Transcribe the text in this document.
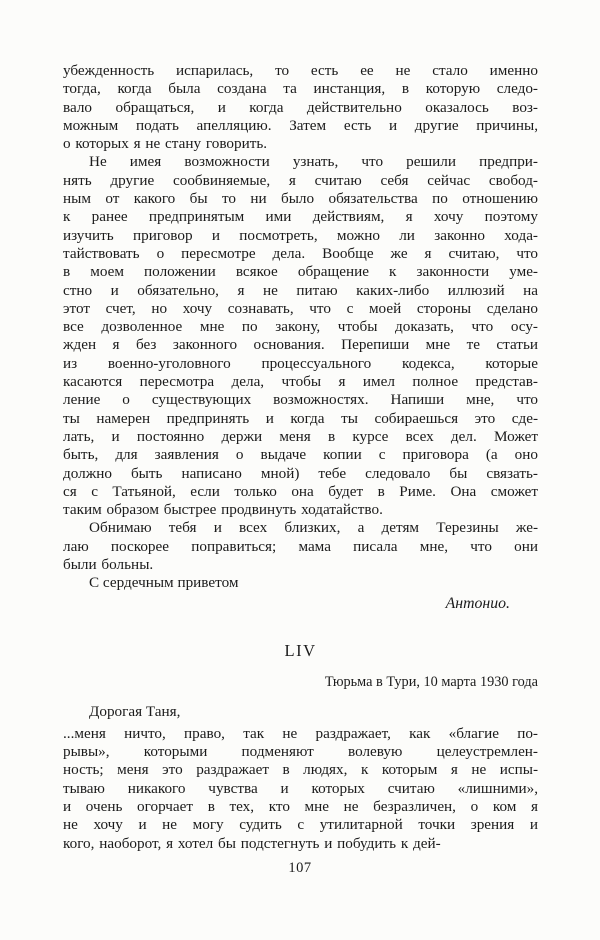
убежденность испарилась, то есть ее не стало именно
тогда, когда была создана та инстанция, в которую следо-
вало обращаться, и когда действительно оказалось воз-
можным подать апелляцию. Затем есть и другие причины,
о которых я не стану говорить.
Не имея возможности узнать, что решили предпри-
нять другие сообвиняемые, я считаю себя сейчас свобод-
ным от какого бы то ни было обязательства по отношению
к ранее предпринятым ими действиям, я хочу поэтому
изучить приговор и посмотреть, можно ли законно хода-
тайствовать о пересмотре дела. Вообще же я считаю, что
в моем положении всякое обращение к законности уме-
стно и обязательно, я не питаю каких-либо иллюзий на
этот счет, но хочу сознавать, что с моей стороны сделано
все дозволенное мне по закону, чтобы доказать, что осу-
жден я без законного основания. Перепиши мне те статьи
из военно-уголовного процессуального кодекса, которые
касаются пересмотра дела, чтобы я имел полное представ-
ление о существующих возможностях. Напиши мне, что
ты намерен предпринять и когда ты собираешься это сде-
лать, и постоянно держи меня в курсе всех дел. Может
быть, для заявления о выдаче копии с приговора (а оно
должно быть написано мной) тебе следовало бы связать-
ся с Татьяной, если только она будет в Риме. Она сможет
таким образом быстрее продвинуть ходатайство.
Обнимаю тебя и всех близких, а детям Терезины же-
лаю поскорее поправиться; мама писала мне, что они
были больны.
С сердечным приветом
Антонио.
LIV
Тюрьма в Тури, 10 марта 1930 года
Дорогая Таня,
...меня ничто, право, так не раздражает, как «благие по-
рывы», которыми подменяют волевую целеустремлен-
ность; меня это раздражает в людях, к которым я не испы-
тываю никакого чувства и которых считаю «лишними»,
и очень огорчает в тех, кто мне не безразличен, о ком я
не хочу и не могу судить с утилитарной точки зрения и
кого, наоборот, я хотел бы подстегнуть и побудить к дей-
107
